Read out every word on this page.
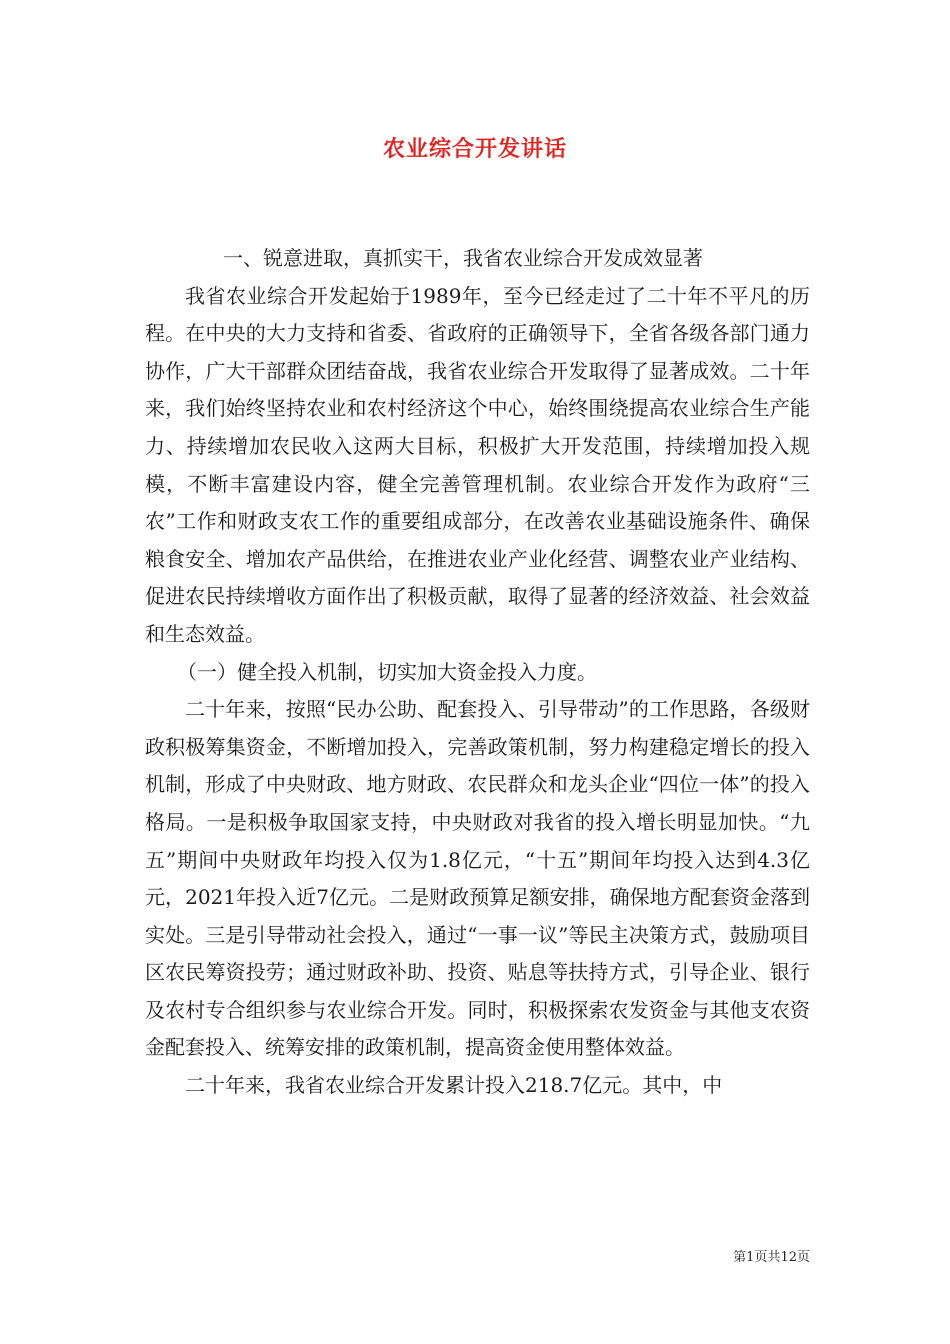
农业综合开发讲话

一、锐意进取，真抓实干，我省农业综合开发成效显著

我省农业综合开发起始于1989年，至今已经走过了二十年不平凡的历程。在中央的大力支持和省委、省政府的正确领导下，全省各级各部门通力协作，广大干部群众团结奋战，我省农业综合开发取得了显著成效。二十年来，我们始终坚持农业和农村经济这个中心，始终围绕提高农业综合生产能力、持续增加农民收入这两大目标，积极扩大开发范围，持续增加投入规模，不断丰富建设内容，健全完善管理机制。农业综合开发作为政府“三农”工作和财政支农工作的重要组成部分，在改善农业基础设施条件、确保粮食安全、增加农产品供给，在推进农业产业化经营、调整农业产业结构、促进农民持续增收方面作出了积极贡献，取得了显著的经济效益、社会效益和生态效益。

（一）健全投入机制，切实加大资金投入力度。

二十年来，按照“民办公助、配套投入、引导带动”的工作思路，各级财政积极筹集资金，不断增加投入，完善政策机制，努力构建稳定增长的投入机制，形成了中央财政、地方财政、农民群众和龙头企业“四位一体”的投入格局。一是积极争取国家支持，中央财政对我省的投入增长明显加快。“九五”期间中央财政年均投入仅为1.8亿元，“十五”期间年均投入达到4.3亿元，2021年投入近7亿元。二是财政预算足额安排，确保地方配套资金落到实处。三是引导带动社会投入，通过“一事一议”等民主决策方式，鼓励项目区农民筹资投劳；通过财政补助、投资、贴息等扶持方式，引导企业、银行及农村专合组织参与农业综合开发。同时，积极探索农发资金与其他支农资金配套投入、统筹安排的政策机制，提高资金使用整体效益。

二十年来，我省农业综合开发累计投入218.7亿元。其中，中

第1页共12页
